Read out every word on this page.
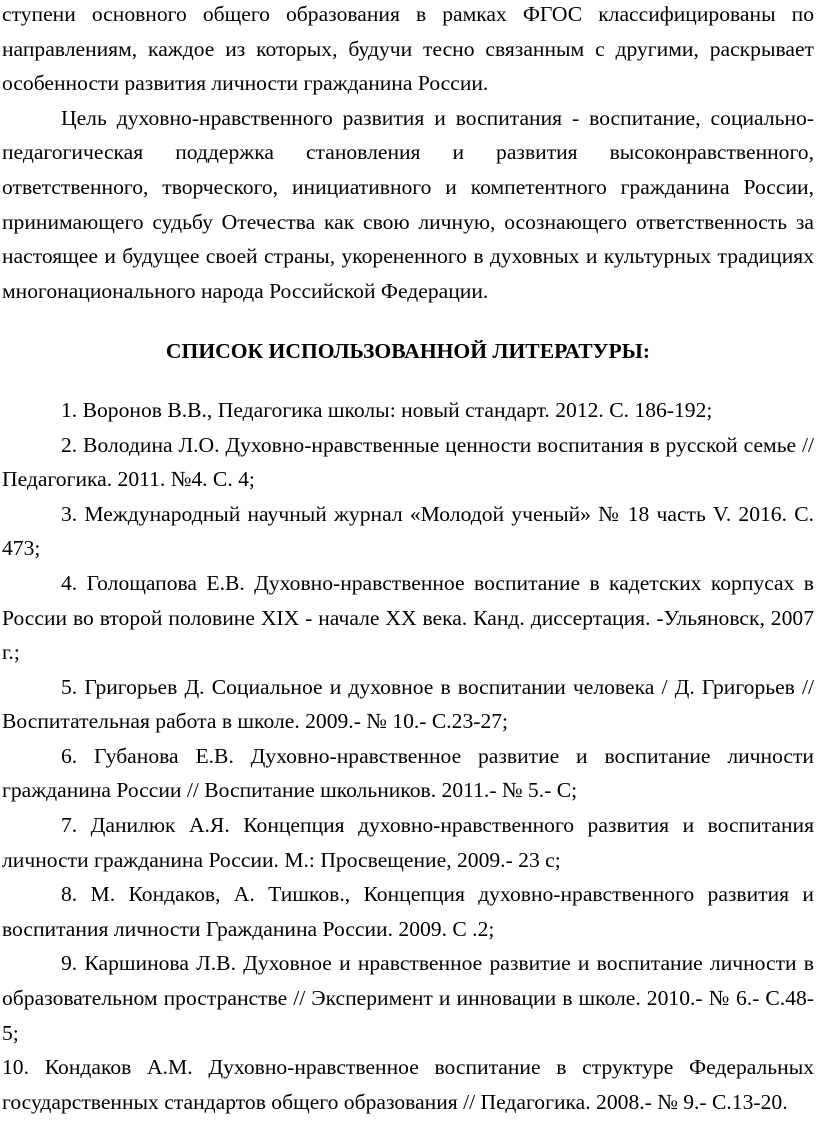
ступени основного общего образования в рамках ФГОС классифицированы по направлениям, каждое из которых, будучи тесно связанным с другими, раскрывает особенности развития личности гражданина России.

Цель духовно-нравственного развития и воспитания - воспитание, социально- педагогическая поддержка становления и развития высоконравственного, ответственного, творческого, инициативного и компетентного гражданина России, принимающего судьбу Отечества как свою личную, осознающего ответственность за настоящее и будущее своей страны, укорененного в духовных и культурных традициях многонационального народа Российской Федерации.

СПИСОК ИСПОЛЬЗОВАННОЙ ЛИТЕРАТУРЫ:

1. Воронов В.В., Педагогика школы: новый стандарт. 2012. С. 186-192;

2. Володина Л.О. Духовно-нравственные ценности воспитания в русской семье // Педагогика. 2011. №4. С. 4;

3. Международный научный журнал «Молодой ученый» № 18 часть V. 2016. С. 473;

4. Голощапова Е.В. Духовно-нравственное воспитание в кадетских корпусах в России во второй половине XIX - начале XX века. Канд. диссертация. -Ульяновск, 2007 г.;

5. Григорьев Д. Социальное и духовное в воспитании человека / Д. Григорьев // Воспитательная работа в школе. 2009.- № 10.- С.23-27;

6. Губанова Е.В. Духовно-нравственное развитие и воспитание личности гражданина России // Воспитание школьников. 2011.- № 5.- С;

7. Данилюк А.Я. Концепция духовно-нравственного развития и воспитания личности гражданина России. М.: Просвещение, 2009.- 23 с;

8. М. Кондаков, А. Тишков., Концепция духовно-нравственного развития и воспитания личности Гражданина России. 2009. С .2;

9. Каршинова Л.В. Духовное и нравственное развитие и воспитание личности в образовательном пространстве // Эксперимент и инновации в школе. 2010.- № 6.- С.48-5;

10. Кондаков А.М. Духовно-нравственное воспитание в структуре Федеральных государственных стандартов общего образования // Педагогика. 2008.- № 9.- С.13-20.
